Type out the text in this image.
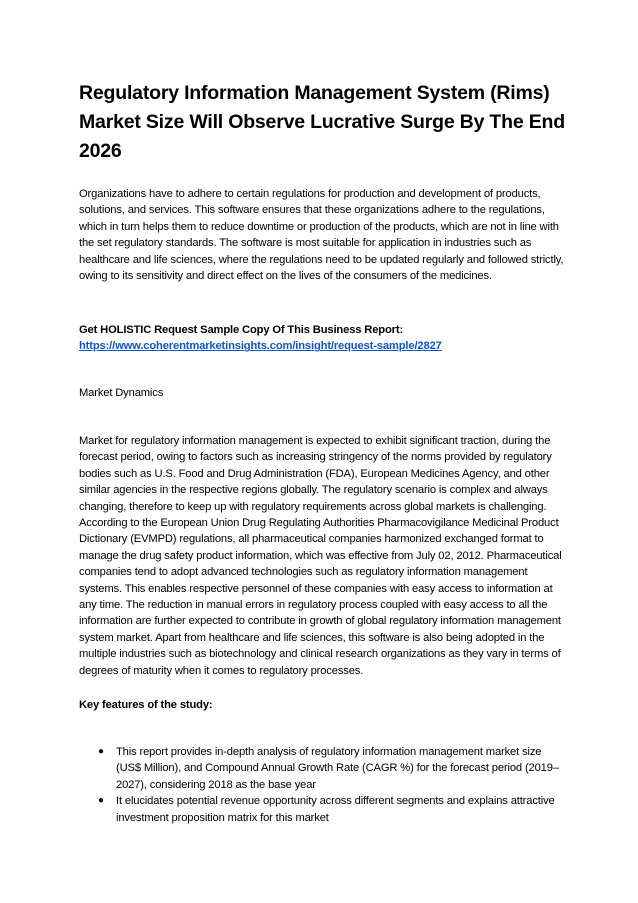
Regulatory Information Management System (Rims) Market Size Will Observe Lucrative Surge By The End 2026

Organizations have to adhere to certain regulations for production and development of products, solutions, and services. This software ensures that these organizations adhere to the regulations, which in turn helps them to reduce downtime or production of the products, which are not in line with the set regulatory standards. The software is most suitable for application in industries such as healthcare and life sciences, where the regulations need to be updated regularly and followed strictly, owing to its sensitivity and direct effect on the lives of the consumers of the medicines.

Get HOLISTIC Request Sample Copy Of This Business Report:
https://www.coherentmarketinsights.com/insight/request-sample/2827

Market Dynamics

Market for regulatory information management is expected to exhibit significant traction, during the forecast period, owing to factors such as increasing stringency of the norms provided by regulatory bodies such as U.S. Food and Drug Administration (FDA), European Medicines Agency, and other similar agencies in the respective regions globally. The regulatory scenario is complex and always changing, therefore to keep up with regulatory requirements across global markets is challenging. According to the European Union Drug Regulating Authorities Pharmacovigilance Medicinal Product Dictionary (EVMPD) regulations, all pharmaceutical companies harmonized exchanged format to manage the drug safety product information, which was effective from July 02, 2012. Pharmaceutical companies tend to adopt advanced technologies such as regulatory information management systems. This enables respective personnel of these companies with easy access to information at any time. The reduction in manual errors in regulatory process coupled with easy access to all the information are further expected to contribute in growth of global regulatory information management system market. Apart from healthcare and life sciences, this software is also being adopted in the multiple industries such as biotechnology and clinical research organizations as they vary in terms of degrees of maturity when it comes to regulatory processes.

Key features of the study:

● This report provides in-depth analysis of regulatory information management market size (US$ Million), and Compound Annual Growth Rate (CAGR %) for the forecast period (2019–2027), considering 2018 as the base year
● It elucidates potential revenue opportunity across different segments and explains attractive investment proposition matrix for this market
